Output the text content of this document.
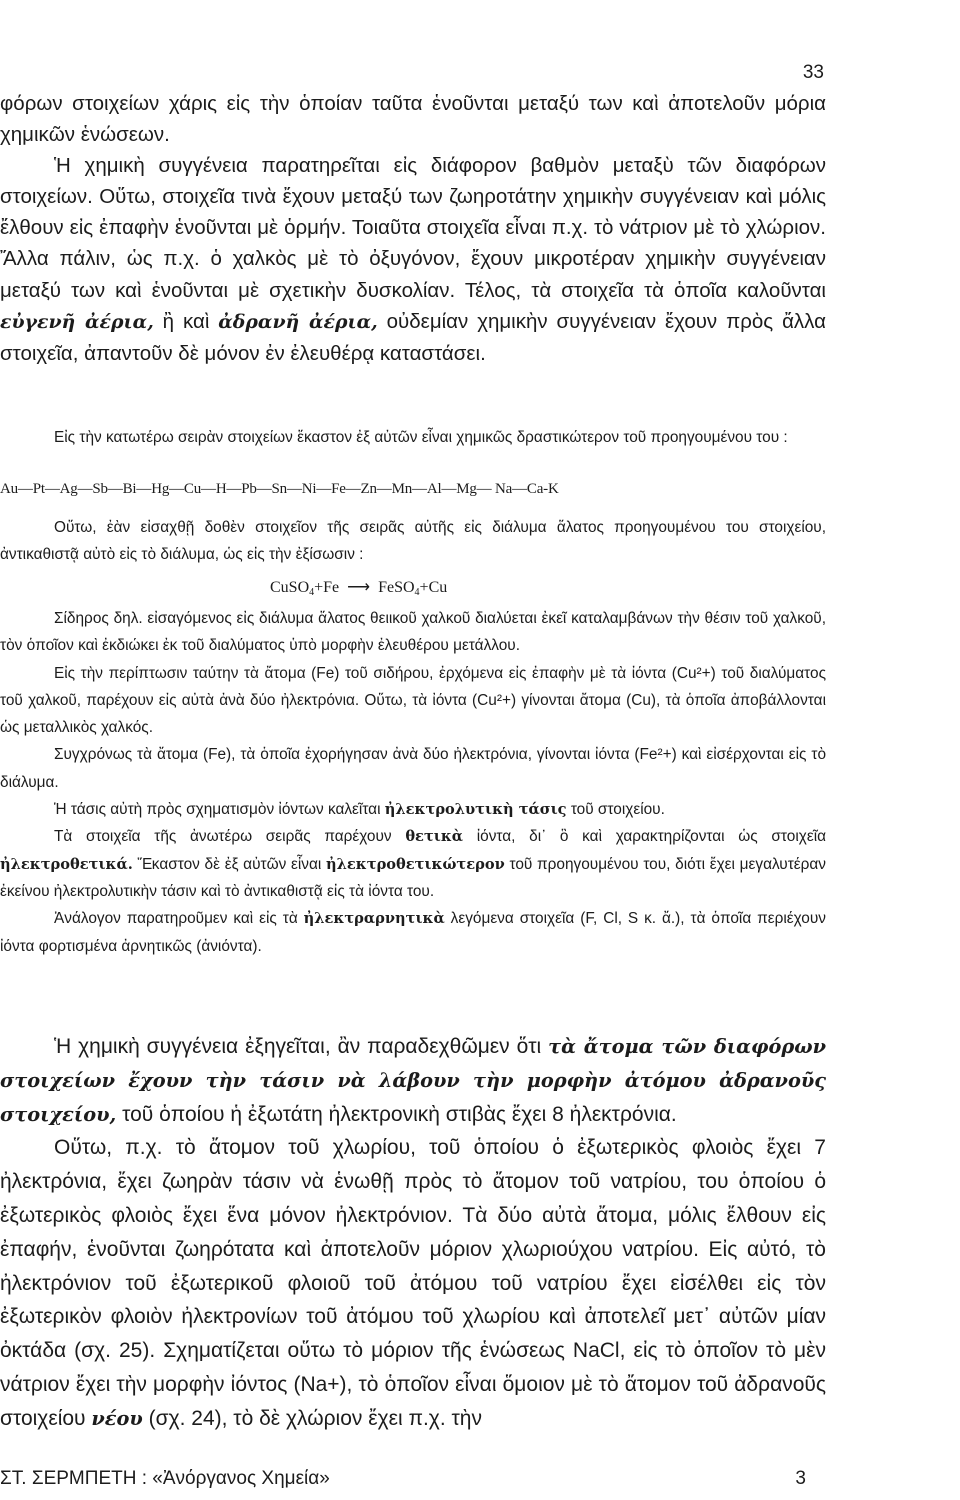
33

φόρων στοιχείων χάρις εἰς τὴν ὁποίαν ταῦτα ἑνοῦνται μεταξύ των καὶ ἀποτελοῦν μόρια χημικῶν ἑνώσεων.

Ἡ χημικὴ συγγένεια παρατηρεῖται εἰς διάφορον βαθμὸν μεταξὺ τῶν διαφόρων στοιχείων. Οὕτω, στοιχεῖα τινὰ ἔχουν μεταξύ των ζωηροτάτην χημικὴν συγγένειαν καὶ μόλις ἔλθουν εἰς ἐπαφὴν ἑνοῦνται μὲ ὁρμήν. Τοιαῦτα στοιχεῖα εἶναι π.χ. τὸ νάτριον μὲ τὸ χλώριον. Ἄλλα πάλιν, ὡς π.χ. ὁ χαλκὸς μὲ τὸ ὀξυγόνον, ἔχουν μικροτέραν χημικὴν συγγένειαν μεταξύ των καὶ ἑνοῦνται μὲ σχετικὴν δυσκολίαν. Τέλος, τὰ στοιχεῖα τὰ ὁποῖα καλοῦνται εὐγενῆ ἀέρια, ἢ καὶ ἀδρανῆ ἀέρια, οὐδεμίαν χημικὴν συγγένειαν ἔχουν πρὸς ἄλλα στοιχεῖα, ἀπαντοῦν δὲ μόνον ἐν ἐλευθέρᾳ καταστάσει.

Εἰς τὴν κατωτέρω σειρὰν στοιχείων ἕκαστον ἐξ αὐτῶν εἶναι χημικῶς δραστικώτερον τοῦ προηγουμένου του :

Au—Pt—Ag—Sb—Bi—Hg—Cu—H—Pb—Sn—Ni—Fe—Zn—Mn—Al—Mg— Na—Ca-K

Οὕτω, ἐὰν εἰσαχθῇ δοθὲν στοιχεῖον τῆς σειρᾶς αὐτῆς εἰς διάλυμα ἅλατος προηγουμένου του στοιχείου, ἀντικαθιστᾷ αὐτὸ εἰς τὸ διάλυμα, ὡς εἰς τὴν ἐξίσωσιν :

CuSO$_4$+Fe ⟶ FeSO$_4$+Cu

Σίδηρος δηλ. εἰσαγόμενος εἰς διάλυμα ἅλατος θειικοῦ χαλκοῦ διαλύεται ἐκεῖ καταλαμβάνων τὴν θέσιν τοῦ χαλκοῦ, τὸν ὁποῖον καὶ ἐκδιώκει ἐκ τοῦ διαλύματος ὑπὸ μορφὴν ἐλευθέρου μετάλλου.

Εἰς τὴν περίπτωσιν ταύτην τὰ ἄτομα (Fe) τοῦ σιδήρου, ἐρχόμενα εἰς ἐπαφὴν μὲ τὰ ἰόντα (Cu²+) τοῦ διαλύματος τοῦ χαλκοῦ, παρέχουν εἰς αὐτὰ ἀνὰ δύο ἠλεκτρόνια. Οὕτω, τὰ ἰόντα (Cu²+) γίνονται ἄτομα (Cu), τὰ ὁποῖα ἀποβάλλονται ὡς μεταλλικὸς χαλκός.

Συγχρόνως τὰ ἄτομα (Fe), τὰ ὁποῖα ἐχορήγησαν ἀνὰ δύο ἠλεκτρόνια, γίνονται ἰόντα (Fe²+) καὶ εἰσέρχονται εἰς τὸ διάλυμα.

Ἡ τάσις αὐτὴ πρὸς σχηματισμὸν ἰόντων καλεῖται ἠλεκτρολυτικὴ τάσις τοῦ στοιχείου.

Τὰ στοιχεῖα τῆς ἀνωτέρω σειρᾶς παρέχουν θετικὰ ἰόντα, δι᾽ ὃ καὶ χαρακτηρίζονται ὡς στοιχεῖα ἠλεκτροθετικά. Ἕκαστον δὲ ἐξ αὐτῶν εἶναι ἠλεκτροθετικώτερον τοῦ προηγουμένου του, διότι ἔχει μεγαλυτέραν ἐκείνου ἠλεκτρολυτικὴν τάσιν καὶ τὸ ἀντικαθιστᾷ εἰς τὰ ἰόντα του.

Ἀνάλογον παρατηροῦμεν καὶ εἰς τὰ ἠλεκτραρνητικὰ λεγόμενα στοιχεῖα (F, Cl, S κ. ἄ.), τὰ ὁποῖα περιέχουν ἰόντα φορτισμένα ἀρνητικῶς (ἀνιόντα).

Ἡ χημικὴ συγγένεια ἐξηγεῖται, ἂν παραδεχθῶμεν ὅτι τὰ ἄτομα τῶν διαφόρων στοιχείων ἔχουν τὴν τάσιν νὰ λάβουν τὴν μορφὴν ἀτόμου ἀδρανοῦς στοιχείου, τοῦ ὁποίου ἡ ἐξωτάτη ἠλεκτρονικὴ στιβὰς ἔχει 8 ἠλεκτρόνια.

Οὕτω, π.χ. τὸ ἄτομον τοῦ χλωρίου, τοῦ ὁποίου ὁ ἐξωτερικὸς φλοιὸς ἔχει 7 ἠλεκτρόνια, ἔχει ζωηρὰν τάσιν νὰ ἑνωθῇ πρὸς τὸ ἄτομον τοῦ νατρίου, του ὁποίου ὁ ἐξωτερικὸς φλοιὸς ἔχει ἕνα μόνον ἠλεκτρόνιον. Τὰ δύο αὐτὰ ἄτομα, μόλις ἔλθουν εἰς ἐπαφήν, ἑνοῦνται ζωηρότατα καὶ ἀποτελοῦν μόριον χλωριούχου νατρίου. Εἰς αὐτό, τὸ ἠλεκτρόνιον τοῦ ἐξωτερικοῦ φλοιοῦ τοῦ ἀτόμου τοῦ νατρίου ἔχει εἰσέλθει εἰς τὸν ἐξωτερικὸν φλοιὸν ἠλεκτρονίων τοῦ ἀτόμου τοῦ χλωρίου καὶ ἀποτελεῖ μετ᾽ αὐτῶν μίαν ὀκτάδα (σχ. 25). Σχηματίζεται οὕτω τὸ μόριον τῆς ἑνώσεως NaCl, εἰς τὸ ὁποῖον τὸ μὲν νάτριον ἔχει τὴν μορφὴν ἰόντος (Na+), τὸ ὁποῖον εἶναι ὅμοιον μὲ τὸ ἄτομον τοῦ ἀδρανοῦς στοιχείου νέου (σχ. 24), τὸ δὲ χλώριον ἔχει π.χ. τὴν

ΣΤ. ΣΕΡΜΠΕΤΗ : «Ἀνόργανος Χημεία»	3
